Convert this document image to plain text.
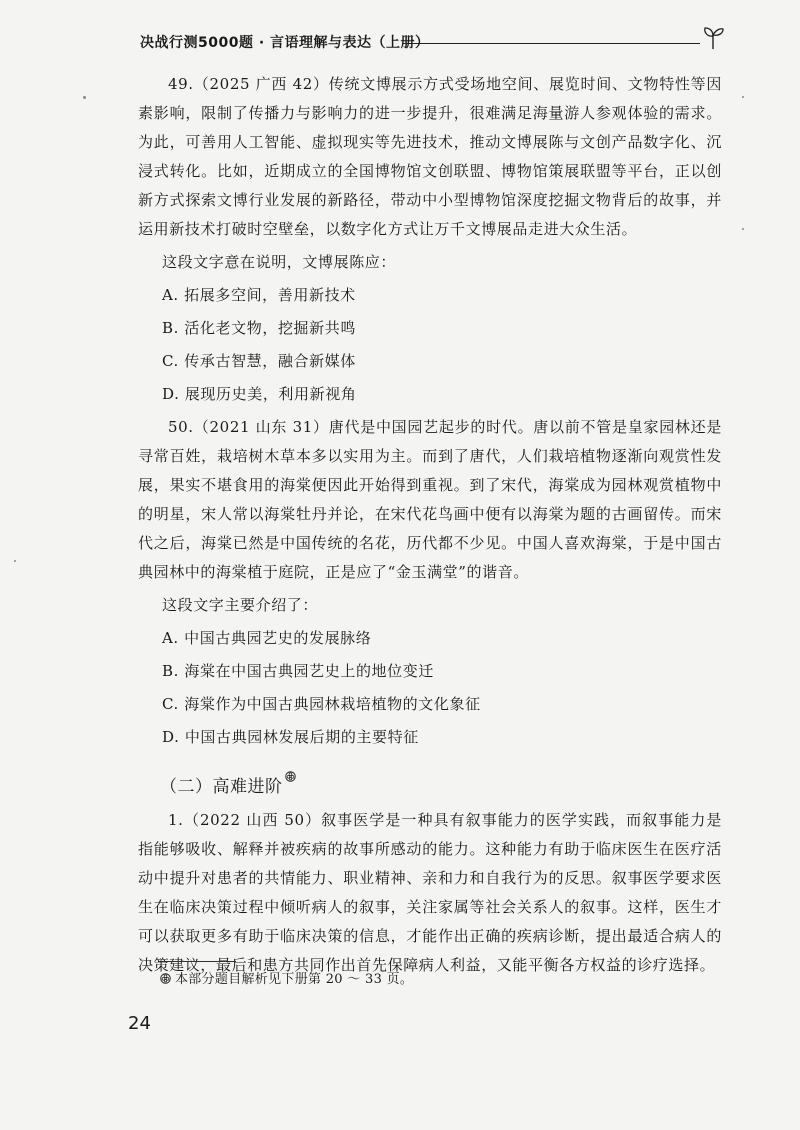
决战行测5000题 · 言语理解与表达（上册）

49.（2025 广西 42）传统文博展示方式受场地空间、展览时间、文物特性等因素影响，限制了传播力与影响力的进一步提升，很难满足海量游人参观体验的需求。为此，可善用人工智能、虚拟现实等先进技术，推动文博展陈与文创产品数字化、沉浸式转化。比如，近期成立的全国博物馆文创联盟、博物馆策展联盟等平台，正以创新方式探索文博行业发展的新路径，带动中小型博物馆深度挖掘文物背后的故事，并运用新技术打破时空壁垒，以数字化方式让万千文博展品走进大众生活。

这段文字意在说明，文博展陈应：

A. 拓展多空间，善用新技术

B. 活化老文物，挖掘新共鸣

C. 传承古智慧，融合新媒体

D. 展现历史美，利用新视角

50.（2021 山东 31）唐代是中国园艺起步的时代。唐以前不管是皇家园林还是寻常百姓，栽培树木草本多以实用为主。而到了唐代，人们栽培植物逐渐向观赏性发展，果实不堪食用的海棠便因此开始得到重视。到了宋代，海棠成为园林观赏植物中的明星，宋人常以海棠牡丹并论，在宋代花鸟画中便有以海棠为题的古画留传。而宋代之后，海棠已然是中国传统的名花，历代都不少见。中国人喜欢海棠，于是中国古典园林中的海棠植于庭院，正是应了“金玉满堂”的谐音。

这段文字主要介绍了：

A. 中国古典园艺史的发展脉络

B. 海棠在中国古典园艺史上的地位变迁

C. 海棠作为中国古典园林栽培植物的文化象征

D. 中国古典园林发展后期的主要特征

（二）高难进阶

1.（2022 山西 50）叙事医学是一种具有叙事能力的医学实践，而叙事能力是指能够吸收、解释并被疾病的故事所感动的能力。这种能力有助于临床医生在医疗活动中提升对患者的共情能力、职业精神、亲和力和自我行为的反思。叙事医学要求医生在临床决策过程中倾听病人的叙事，关注家属等社会关系人的叙事。这样，医生才可以获取更多有助于临床决策的信息，才能作出正确的疾病诊断，提出最适合病人的决策建议，最后和患方共同作出首先保障病人利益，又能平衡各方权益的诊疗选择。

本部分题目解析见下册第 20 ～ 33 页。
24
